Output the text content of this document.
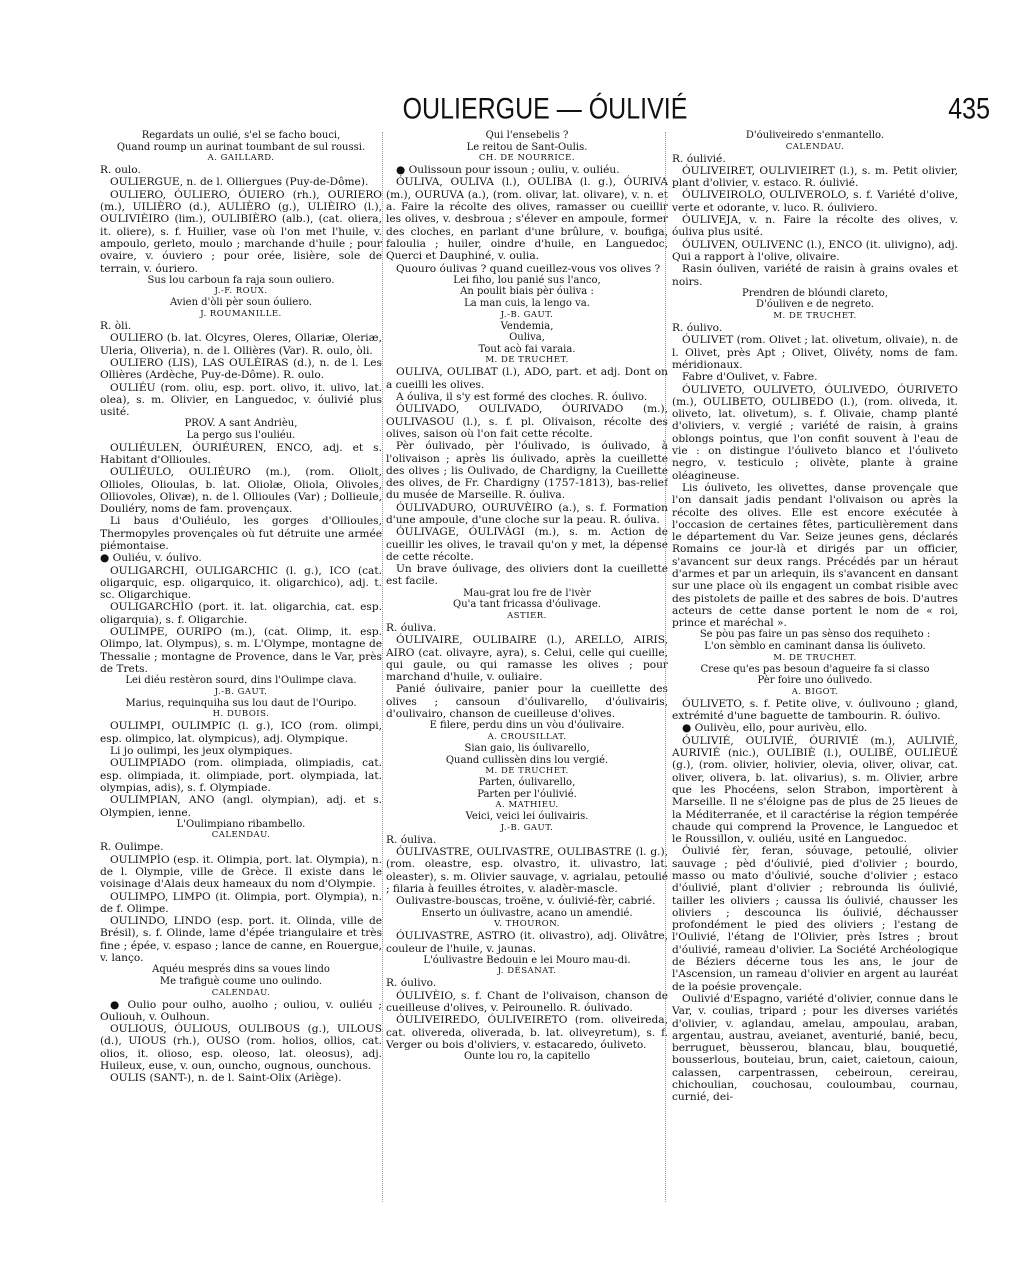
OULIERGUE — ÓULIVIÉ	435

Regardats un oulié, s'el se facho bouci,

Quand roump un aurinat toumbant de sul roussi.

A. GAILLARD.

R. oulo.

OULIERGUE, n. de l. Olliergues (Puy-de-Dôme).

OULIERO, ÓULIERO, ÓUIERO (rh.), OURIERO (m.), UILIÈRO (d.), AULIÈRO (g.), ULIÈIRO (l.), OULIVIÈIRO (lim.), OULIBIÈRO (alb.), (cat. oliera, it. oliere), s. f. Huilier, vase où l'on met l'huile, v. ampoulo, gerleto, moulo ; marchande d'huile ; pour ovaire, v. óuviero ; pour orée, lisière, sole de terrain, v. óuriero.

Sus lou carboun fa raja soun ouliero.

J.-F. ROUX.

Avien d'òli pèr soun óuliero.

J. ROUMANILLE.

R. òli.

OULIERO (b. lat. Olcyres, Oleres, Ollariæ, Oleriæ, Uleria, Oliveria), n. de l. Ollières (Var). R. oulo, òli.

OULIERO (LIS), LAS OULÈIRAS (d.), n. de l. Les Ollières (Ardèche, Puy-de-Dôme). R. oulo.

OULIÉU (rom. oliu, esp. port. olivo, it. ulivo, lat. olea), s. m. Olivier, en Languedoc, v. óulivié plus usité.

PROV. A sant Andrièu,

La pergo sus l'ouliéu.

OULIÉULEN, ÓURIÉUREN, ENCO, adj. et s. Habitant d'Ollioules.

OULIÉULO, OULIÉURO (m.), (rom. Oliolt, Ollioles, Olioulas, b. lat. Oliolæ, Oliola, Olivoles, Olliovoles, Olivæ), n. de l. Ollioules (Var) ; Dollieule, Douliéry, noms de fam. provençaux.

Li baus d'Ouliéulo, les gorges d'Ollioules, Thermopyles provençales où fut détruite une armée piémontaise.

● Ouliéu, v. óulivo.

OULIGARCHI, OULIGARCHIC (l. g.), ICO (cat. oligarquic, esp. oligarquico, it. oligarchico), adj. t. sc. Oligarchique.

OULIGARCHÌO (port. it. lat. oligarchia, cat. esp. oligarquia), s. f. Oligarchie.

OULIMPE, OURIPO (m.), (cat. Olimp, it. esp. Olimpo, lat. Olympus), s. m. L'Olympe, montagne de Thessalie ; montagne de Provence, dans le Var, près de Trets.

Lei diéu restèron sourd, dins l'Oulimpe clava.

J.-B. GAUT.

Marius, requinquiha sus lou daut de l'Ouripo.

H. DUBOIS.

OULIMPI, OULIMPIC (l. g.), ICO (rom. olimpi, esp. olimpico, lat. olympicus), adj. Olympique.

Li jo oulimpi, les jeux olympiques.

OULIMPIADO (rom. olimpiada, olimpiadis, cat. esp. olimpiada, it. olimpiade, port. olympiada, lat. olympias, adis), s. f. Olympiade.

OULIMPIAN, ANO (angl. olympian), adj. et s. Olympien, ienne.

L'Oulimpiano ribambello.

CALENDAU.

R. Oulimpe.

OULIMPÌO (esp. it. Olimpia, port. lat. Olympia), n. de l. Olympie, ville de Grèce. Il existe dans le voisinage d'Alais deux hameaux du nom d'Olympie.

OULIMPO, LIMPO (it. Olimpia, port. Olympia), n. de f. Olimpe.

OULINDO, LINDO (esp. port. it. Olinda, ville de Brésil), s. f. Olinde, lame d'épée triangulaire et très fine ; épée, v. espaso ; lance de canne, en Rouergue, v. lanço.

Aquéu mesprés dins sa voues lindo

Me trafiguè coume uno oulindo.

CALENDAU.

● Oulio pour oulho, auolho ; ouliou, v. ouliéu ; Ouliouh, v. Oulhoun.

OULIOUS, ÓULIOUS, OULIBOUS (g.), UILOUS (d.), UIOUS (rh.), OUSO (rom. holios, ollios, cat. olios, it. olioso, esp. oleoso, lat. oleosus), adj. Huileux, euse, v. oun, ouncho, ougnous, ounchous.

OULIS (SANT-), n. de l. Saint-Olix (Ariège).

Qui l'ensebelis ?

Le reitou de Sant-Oulis.

CH. DE NOURRICE.

● Oulissoun pour issoun ; ouliu, v. ouliéu.

ÓULIVA, OULIVA (l.), OULIBA (l. g.), ÓURIVA (m.), OURUVA (a.), (rom. olivar, lat. olivare), v. n. et a. Faire la récolte des olives, ramasser ou cueillir les olives, v. desbroua ; s'élever en ampoule, former des cloches, en parlant d'une brûlure, v. boufiga, faloulia ; huiler, oindre d'huile, en Languedoc, Querci et Dauphiné, v. oulia.

Quouro óulivas ? quand cueillez-vous vos olives ?

Lei fiho, lou panié sus l'anco,

An poulit biais pèr óuliva :

La man cuis, la lengo va.

J.-B. GAUT.

Vendemia,

Ouliva,

Tout acò fai varaia.

M. DE TRUCHET.

OULIVA, OULIBAT (l.), ADO, part. et adj. Dont on a cueilli les olives.

A óuliva, il s'y est formé des cloches. R. óulivo.

ÓULIVADO, OULIVADO, ÓURIVADO (m.), OULIVASOU (l.), s. f. pl. Olivaison, récolte des olives, saison où l'on fait cette récolte.

Pèr óulivado, pèr l'óulivado, is óulivado, à l'olivaison ; après lis óulivado, après la cueillette des olives ; lis Oulivado, de Chardigny, la Cueillette des olives, de Fr. Chardigny (1757-1813), bas-relief du musée de Marseille. R. óuliva.

ÓULIVADURO, OURUVÈIRO (a.), s. f. Formation d'une ampoule, d'une cloche sur la peau. R. óuliva.

ÓULIVAGE, ÓULIVÀGI (m.), s. m. Action de cueillir les olives, le travail qu'on y met, la dépense de cette récolte.

Un brave óulivage, des oliviers dont la cueillette est facile.

Mau-grat lou fre de l'ivèr

Qu'a tant fricassa d'óulivage.

ASTIER.

R. óuliva.

ÓULIVAIRE, OULIBAIRE (l.), ARELLO, AIRIS, AIRO (cat. olivayre, ayra), s. Celui, celle qui cueille, qui gaule, ou qui ramasse les olives ; pour marchand d'huile, v. ouliaire.

Panié óulivaire, panier pour la cueillette des olives ; cansoun d'óulivarello, d'óulivairis, d'oulivairo, chanson de cueilleuse d'olives.

E filere, perdu dins un vòu d'óulivaire.

A. CROUSILLAT.

Sian gaio, lis óulivarello,

Quand cullissèn dins lou vergié.

M. DE TRUCHET.

Parten, óulivarello,

Parten per l'óulivié.

A. MATHIEU.

Veici, veici lei óulivairis.

J.-B. GAUT.

R. óuliva.

ÓULIVASTRE, OULIVASTRE, OULIBASTRE (l. g.), (rom. oleastre, esp. olvastro, it. ulivastro, lat. oleaster), s. m. Olivier sauvage, v. agrialau, petoulié ; filaria à feuilles étroites, v. aladèr-mascle.

Oulivastre-bouscas, troëne, v. óulivié-fèr, cabrié.

Enserto un óulivastre, acano un amendié.

V. THOURON.

ÓULIVASTRE, ASTRO (it. olivastro), adj. Olivâtre, couleur de l'huile, v. jaunas.

L'óulivastre Bedouin e lei Mouro mau-di.

J. DÉSANAT.

R. óulivo.

ÓULIVÈIO, s. f. Chant de l'olivaison, chanson de cueilleuse d'olives, v. Peirounello. R. óulivado.

ÓULIVEIREDO, ÓULIVEIRETO (rom. oliveireda, cat. olivereda, oliverada, b. lat. oliveyretum), s. f. Verger ou bois d'oliviers, v. estacaredo, óuliveto.

Ounte lou ro, la capitello

D'óuliveiredo s'enmantello.

CALENDAU.

R. óulivié.

ÓULIVEIRET, OULIVIEIRET (l.), s. m. Petit olivier, plant d'olivier, v. estaco. R. óulivié.

ÓULIVEIROLO, OULIVEROLO, s. f. Variété d'olive, verte et odorante, v. luco. R. óuliviero.

ÓULIVEJA, v. n. Faire la récolte des olives, v. óuliva plus usité.

ÓULIVEN, OULIVENC (l.), ENCO (it. ulivigno), adj. Qui a rapport à l'olive, olivaire.

Rasin óuliven, variété de raisin à grains ovales et noirs.

Prendren de blóundi clareto,

D'óuliven e de negreto.

M. DE TRUCHET.

R. óulivo.

ÓULIVET (rom. Olivet ; lat. olivetum, olivaie), n. de l. Olivet, près Apt ; Olivet, Olivéty, noms de fam. méridionaux.

Fabre d'Oulivet, v. Fabre.

ÓULIVETO, OULIVETO, ÓULIVEDO, ÓURIVETO (m.), OULIBETO, OULIBEDO (l.), (rom. oliveda, it. oliveto, lat. olivetum), s. f. Olivaie, champ planté d'oliviers, v. vergié ; variété de raisin, à grains oblongs pointus, que l'on confit souvent à l'eau de vie : on distingue l'óuliveto blanco et l'óuliveto negro, v. testiculo ; olivète, plante à graine oléagineuse.

Lis óuliveto, les olivettes, danse provençale que l'on dansait jadis pendant l'olivaison ou après la récolte des olives. Elle est encore exécutée à l'occasion de certaines fêtes, particulièrement dans le département du Var. Seize jeunes gens, déclarés Romains ce jour-là et dirigés par un officier, s'avancent sur deux rangs. Précédés par un héraut d'armes et par un arlequin, ils s'avancent en dansant sur une place où ils engagent un combat risible avec des pistolets de paille et des sabres de bois. D'autres acteurs de cette danse portent le nom de « roi, prince et maréchal ».

Se pòu pas faire un pas sènso dos requiheto :

L'on sèmblo en caminant dansa lis óuliveto.

M. DE TRUCHET.

Crese qu'es pas besoun d'agueire fa si classo

Pèr foire uno óulivedo.

A. BIGOT.

ÓULIVETO, s. f. Petite olive, v. óulivouno ; gland, extrémité d'une baguette de tambourin. R. óulivo.

● Oulivèu, ello, pour aurivèu, ello.

ÓULIVIÉ, OULIVIÉ, ÓURIVIÉ (m.), AULIVIÉ, AURIVIÉ (nic.), OULIBIÈ (l.), OULIBÉ, OULIÈUÉ (g.), (rom. olivier, holivier, olevia, oliver, olivar, cat. oliver, olivera, b. lat. olivarius), s. m. Olivier, arbre que les Phocéens, selon Strabon, importèrent à Marseille. Il ne s'éloigne pas de plus de 25 lieues de la Méditerranée, et il caractérise la région tempérée chaude qui comprend la Provence, le Languedoc et le Roussillon, v. ouliéu, usité en Languedoc.

Óulivié fèr, feran, sóuvage, petoulié, olivier sauvage ; pèd d'óulivié, pied d'olivier ; bourdo, masso ou mato d'óulivié, souche d'olivier ; estaco d'óulivié, plant d'olivier ; rebrounda lis óulivié, tailler les oliviers ; caussa lis óulivié, chausser les oliviers ; descounca lis óulivié, déchausser profondément le pied des oliviers ; l'estang de l'Oulivié, l'étang de l'Olivier, près Istres ; brout d'óulivié, rameau d'olivier. La Société Archéologique de Béziers décerne tous les ans, le jour de l'Ascension, un rameau d'olivier en argent au lauréat de la poésie provençale.

Oulivié d'Espagno, variété d'olivier, connue dans le Var, v. coulias, tripard ; pour les diverses variétés d'olivier, v. aglandau, amelau, ampoulau, araban, argentau, austrau, aveianet, aventurié, banié, becu, berruguet, bèusserou, blancau, blau, bouquetié, bousserlous, bouteiau, brun, caiet, caietoun, caioun, calassen, carpentrassen, cebeiroun, cereirau, chichoulian, couchosau, couloumbau, cournau, curnié, dei-
